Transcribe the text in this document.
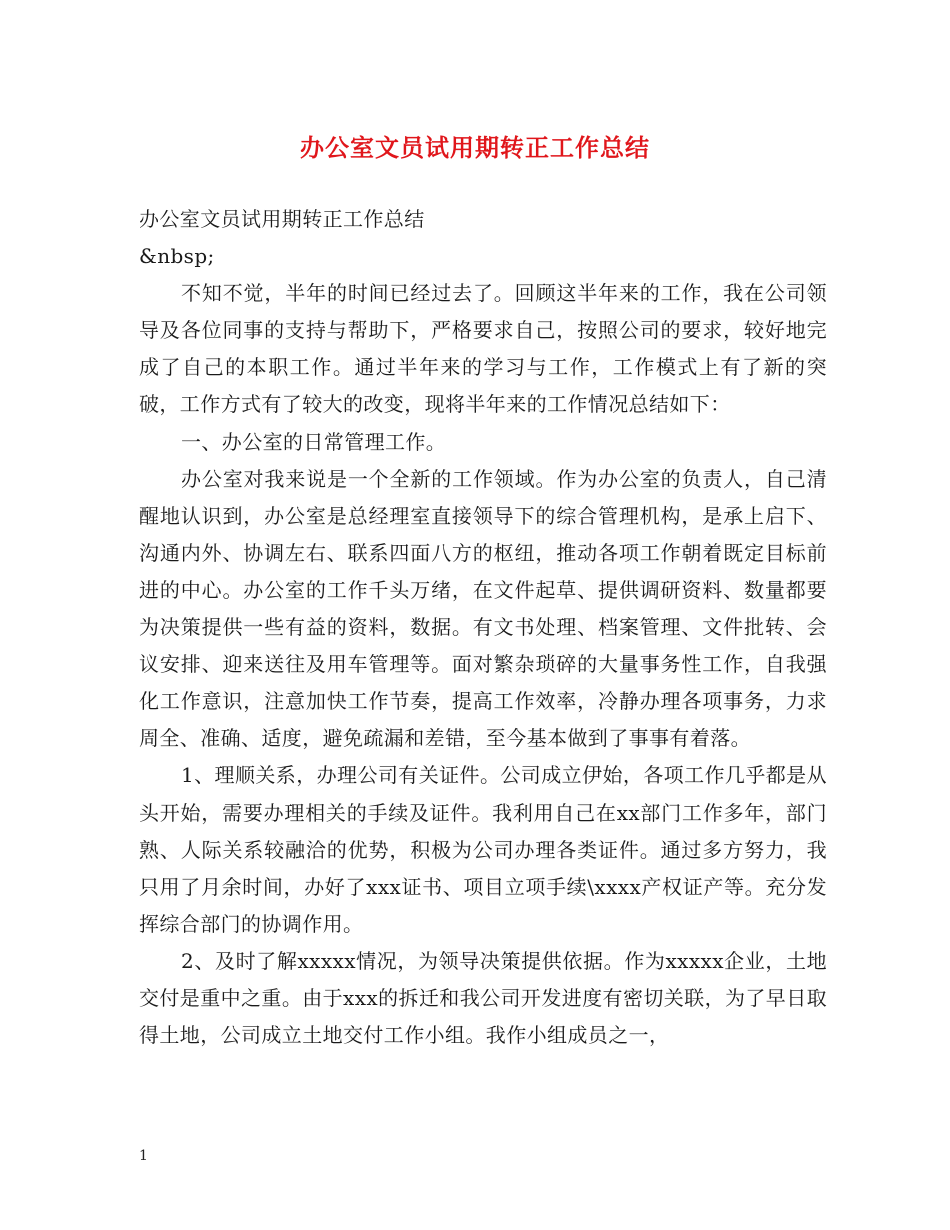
办公室文员试用期转正工作总结

办公室文员试用期转正工作总结

&nbsp;

不知不觉，半年的时间已经过去了。回顾这半年来的工作，我在公司领导及各位同事的支持与帮助下，严格要求自己，按照公司的要求，较好地完成了自己的本职工作。通过半年来的学习与工作，工作模式上有了新的突破，工作方式有了较大的改变，现将半年来的工作情况总结如下：

一、办公室的日常管理工作。

办公室对我来说是一个全新的工作领域。作为办公室的负责人，自己清醒地认识到，办公室是总经理室直接领导下的综合管理机构，是承上启下、沟通内外、协调左右、联系四面八方的枢纽，推动各项工作朝着既定目标前进的中心。办公室的工作千头万绪，在文件起草、提供调研资料、数量都要为决策提供一些有益的资料，数据。有文书处理、档案管理、文件批转、会议安排、迎来送往及用车管理等。面对繁杂琐碎的大量事务性工作，自我强化工作意识，注意加快工作节奏，提高工作效率，冷静办理各项事务，力求周全、准确、适度，避免疏漏和差错，至今基本做到了事事有着落。

1、理顺关系，办理公司有关证件。公司成立伊始，各项工作几乎都是从头开始，需要办理相关的手续及证件。我利用自己在xx部门工作多年，部门熟、人际关系较融洽的优势，积极为公司办理各类证件。通过多方努力，我只用了月余时间，办好了xxx证书、项目立项手续\xxxx产权证产等。充分发挥综合部门的协调作用。

2、及时了解xxxxx情况，为领导决策提供依据。作为xxxxx企业，土地交付是重中之重。由于xxx的拆迁和我公司开发进度有密切关联，为了早日取得土地，公司成立土地交付工作小组。我作小组成员之一，

1
